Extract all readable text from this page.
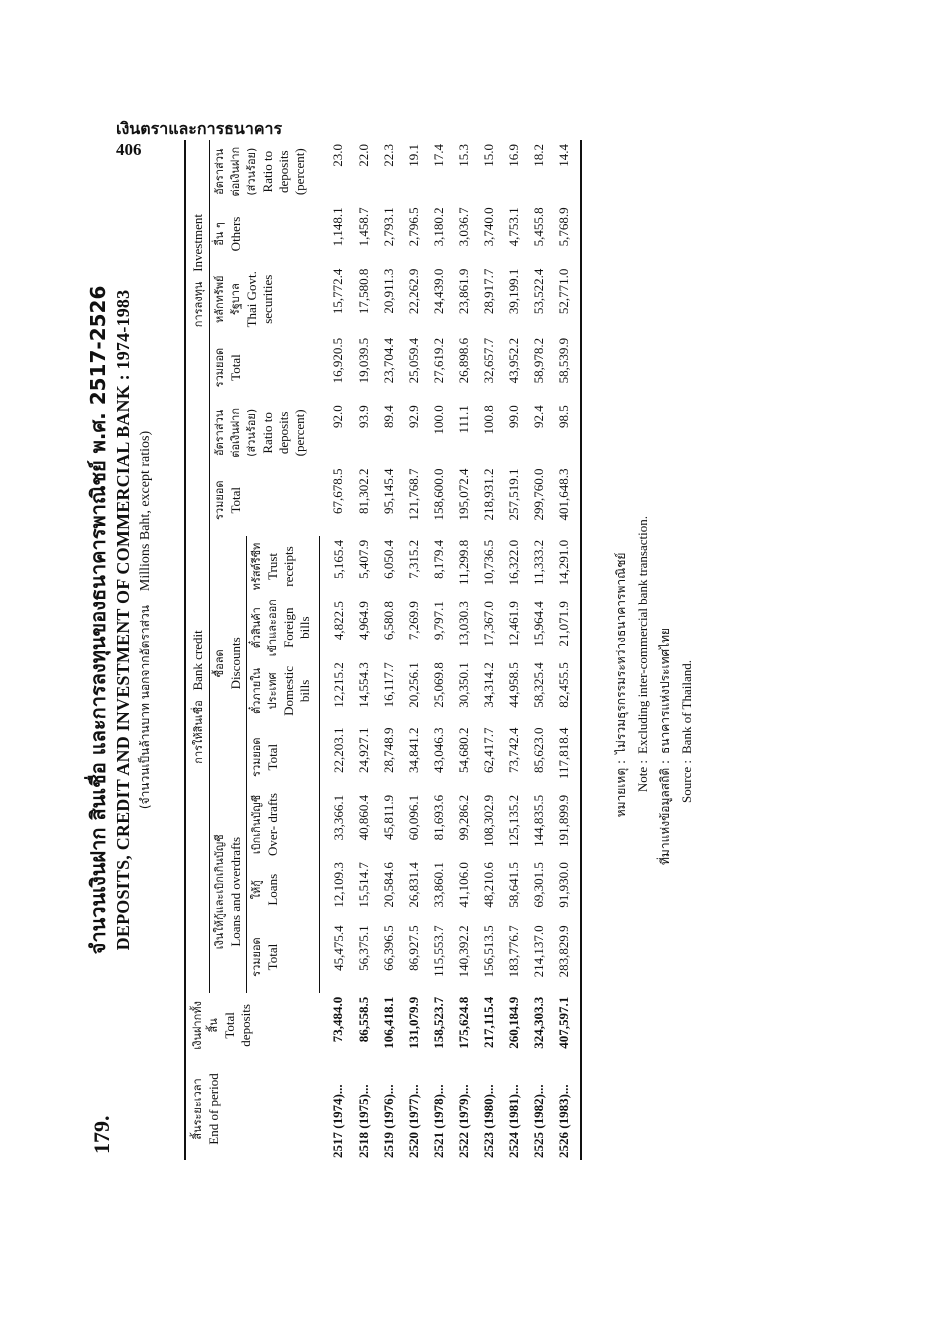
เงินตราและการธนาคาร
406
179.
จำนวนเงินฝาก สินเชื่อ และการลงทุนของธนาคารพาณิชย์ พ.ศ. 2517-2526 DEPOSITS, CREDIT AND INVESTMENT OF COMMERCIAL BANK : 1974-1983 (จำนวนเป็นล้านบาท นอกจากอัตราส่วน    Millions Baht, except ratios)
สิ้นระยะเวลา End of period	เงินฝากทั้งสิ้น Total deposits	การให้สินเชื่อ   Bank credit									การลงทุน   Investment			

		เงินให้กู้และเบิกเกินบัญชี Loans and overdrafts			ซื้อลด Discounts				รวมยอด Total	อัตราส่วนต่อเงินฝาก (ส่วนร้อย) Ratio to deposits (percent)	รวมยอด Total	หลักทรัพย์รัฐบาล Thai Govt. securities	อื่น ๆ Others	อัตราส่วนต่อเงินฝาก (ส่วนร้อย) Ratio to deposits (percent)

		รวมยอด Total	ให้กู้ Loans	เบิกเกินบัญชี Over- drafts	รวมยอด Total	ตั๋วภายในประเทศ Domestic bills	ตั๋วสินค้าเข้าและออก Foreign bills	ทรัสต์รีซีท Trust receipts						
2517 (1974)...	73,484.0	45,475.4	12,109.3	33,366.1	22,203.1	12,215.2	4,822.5	5,165.4	67,678.5	92.0	16,920.5	15,772.4	1,148.1	23.0
2518 (1975)...	86,558.5	56,375.1	15,514.7	40,860.4	24,927.1	14,554.3	4,964.9	5,407.9	81,302.2	93.9	19,039.5	17,580.8	1,458.7	22.0
2519 (1976)...	106,418.1	66,396.5	20,584.6	45,811.9	28,748.9	16,117.7	6,580.8	6,050.4	95,145.4	89.4	23,704.4	20,911.3	2,793.1	22.3
2520 (1977)...	131,079.9	86,927.5	26,831.4	60,096.1	34,841.2	20,256.1	7,269.9	7,315.2	121,768.7	92.9	25,059.4	22,262.9	2,796.5	19.1
2521 (1978)...	158,523.7	115,553.7	33,860.1	81,693.6	43,046.3	25,069.8	9,797.1	8,179.4	158,600.0	100.0	27,619.2	24,439.0	3,180.2	17.4
2522 (1979)...	175,624.8	140,392.2	41,106.0	99,286.2	54,680.2	30,350.1	13,030.3	11,299.8	195,072.4	111.1	26,898.6	23,861.9	3,036.7	15.3
2523 (1980)...	217,115.4	156,513.5	48,210.6	108,302.9	62,417.7	34,314.2	17,367.0	10,736.5	218,931.2	100.8	32,657.7	28,917.7	3,740.0	15.0
2524 (1981)...	260,184.9	183,776.7	58,641.5	125,135.2	73,742.4	44,958.5	12,461.9	16,322.0	257,519.1	99.0	43,952.2	39,199.1	4,753.1	16.9
2525 (1982)...	324,303.3	214,137.0	69,301.5	144,835.5	85,623.0	58,325.4	15,964.4	11,333.2	299,760.0	92.4	58,978.2	53,522.4	5,455.8	18.2
2526 (1983)...	407,597.1	283,829.9	91,930.0	191,899.9	117,818.4	82,455.5	21,071.9	14,291.0	401,648.3	98.5	58,539.9	52,771.0	5,768.9	14.4
หมายเหตุ :ไม่รวมธุรกรรมระหว่างธนาคารพาณิชย์
Note :Excluding inter-commercial bank transaction.
ที่มาแห่งข้อมูลสถิติ :ธนาคารแห่งประเทศไทย
Source :Bank of Thailand.
